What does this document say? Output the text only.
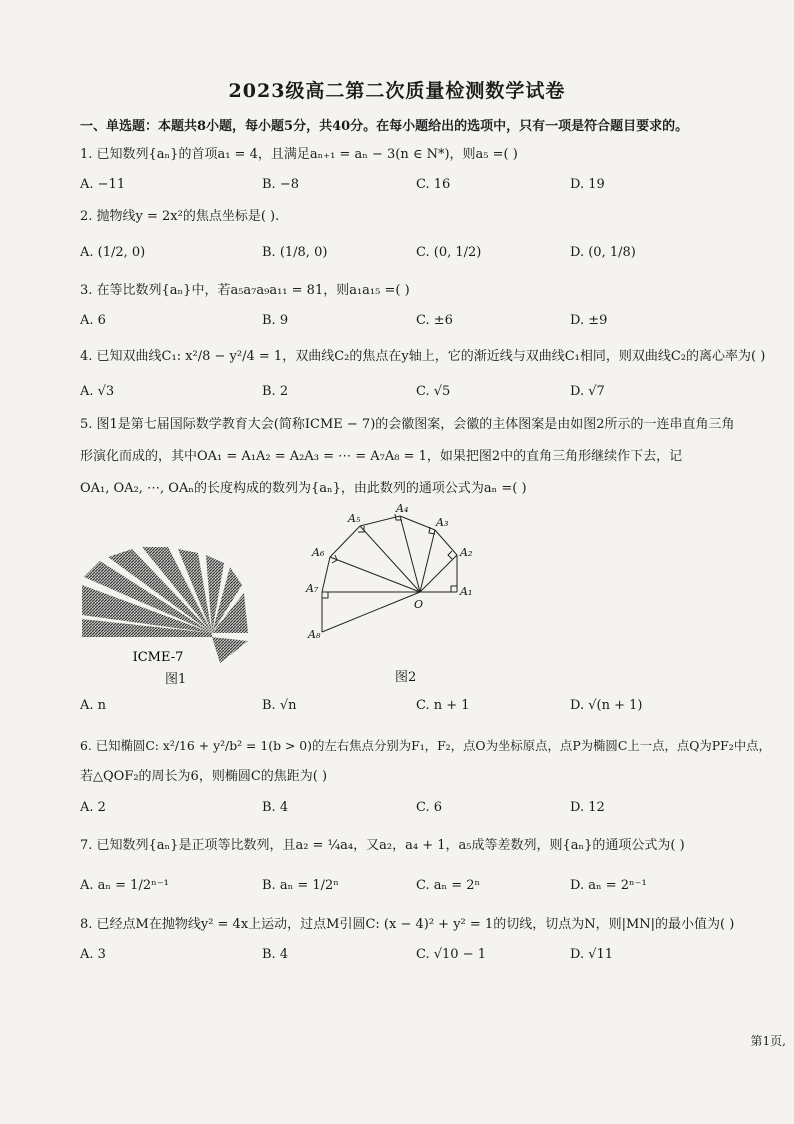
2023级高二第二次质量检测数学试卷
一、单选题：本题共8小题，每小题5分，共40分。在每小题给出的选项中，只有一项是符合题目要求的。
1. 已知数列{aₙ}的首项a₁ = 4，且满足aₙ₊₁ = aₙ − 3(n ∈ N*)，则a₅ =( )
A. −11	B. −8	C. 16	D. 19
2. 抛物线y = 2x²的焦点坐标是( ).
A. (1/2, 0)	B. (1/8, 0)	C. (0, 1/2)	D. (0, 1/8)
3. 在等比数列{aₙ}中，若a₅a₇a₉a₁₁ = 81，则a₁a₁₅ =( )
A. 6	B. 9	C. ±6	D. ±9
4. 已知双曲线C₁: x²/8 − y²/4 = 1，双曲线C₂的焦点在y轴上，它的渐近线与双曲线C₁相同，则双曲线C₂的离心率为( )
A. √3	B. 2	C. √5	D. √7
5. 图1是第七届国际数学教育大会(简称ICME − 7)的会徽图案，会徽的主体图案是由如图2所示的一连串直角三角
形演化而成的，其中OA₁ = A₁A₂ = A₂A₃ = ⋯ = A₇A₈ = 1，如果把图2中的直角三角形继续作下去，记
OA₁, OA₂, ⋯, OAₙ的长度构成的数列为{aₙ}，由此数列的通项公式为aₙ =( )
ICME-7
图1
A₁
A₂
A₃
A₄
A₅
A₆
A₇
A₈
O
图2
A. n	B. √n	C. n + 1	D. √(n + 1)
6. 已知椭圆C: x²/16 + y²/b² = 1(b > 0)的左右焦点分别为F₁，F₂，点O为坐标原点，点P为椭圆C上一点，点Q为PF₂中点，
若△QOF₂的周长为6，则椭圆C的焦距为( )
A. 2	B. 4	C. 6	D. 12
7. 已知数列{aₙ}是正项等比数列，且a₂ = ¼a₄，又a₂，a₄ + 1，a₅成等差数列，则{aₙ}的通项公式为( )
A. aₙ = 1/2ⁿ⁻¹	B. aₙ = 1/2ⁿ	C. aₙ = 2ⁿ	D. aₙ = 2ⁿ⁻¹
8. 已经点M在抛物线y² = 4x上运动，过点M引圆C: (x − 4)² + y² = 1的切线，切点为N，则|MN|的最小值为( )
A. 3	B. 4	C. √10 − 1	D. √11
第1页,
